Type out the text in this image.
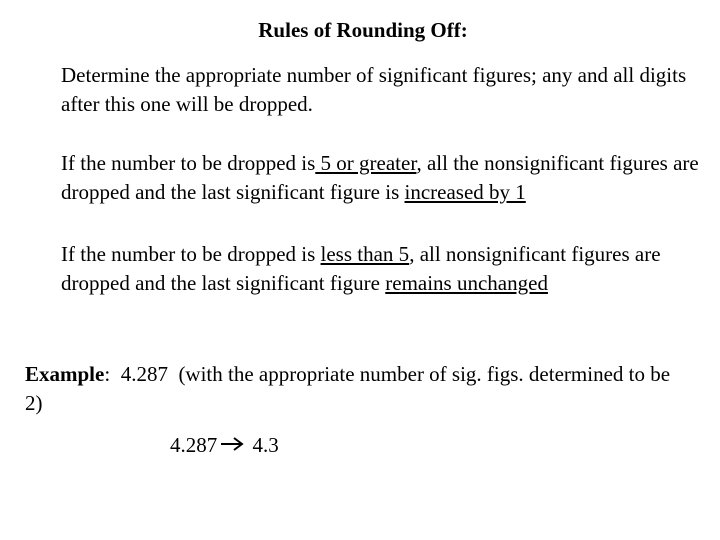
Rules of Rounding Off:

Determine the appropriate number of significant figures; any and all digits after this one will be dropped.

If the number to be dropped is 5 or greater, all the nonsignificant figures are dropped and the last significant figure is increased by 1

If the number to be dropped is less than 5, all nonsignificant figures are dropped and the last significant figure remains unchanged

Example:  4.287  (with the appropriate number of sig. figs. determined to be 2)

4.287 4.3
